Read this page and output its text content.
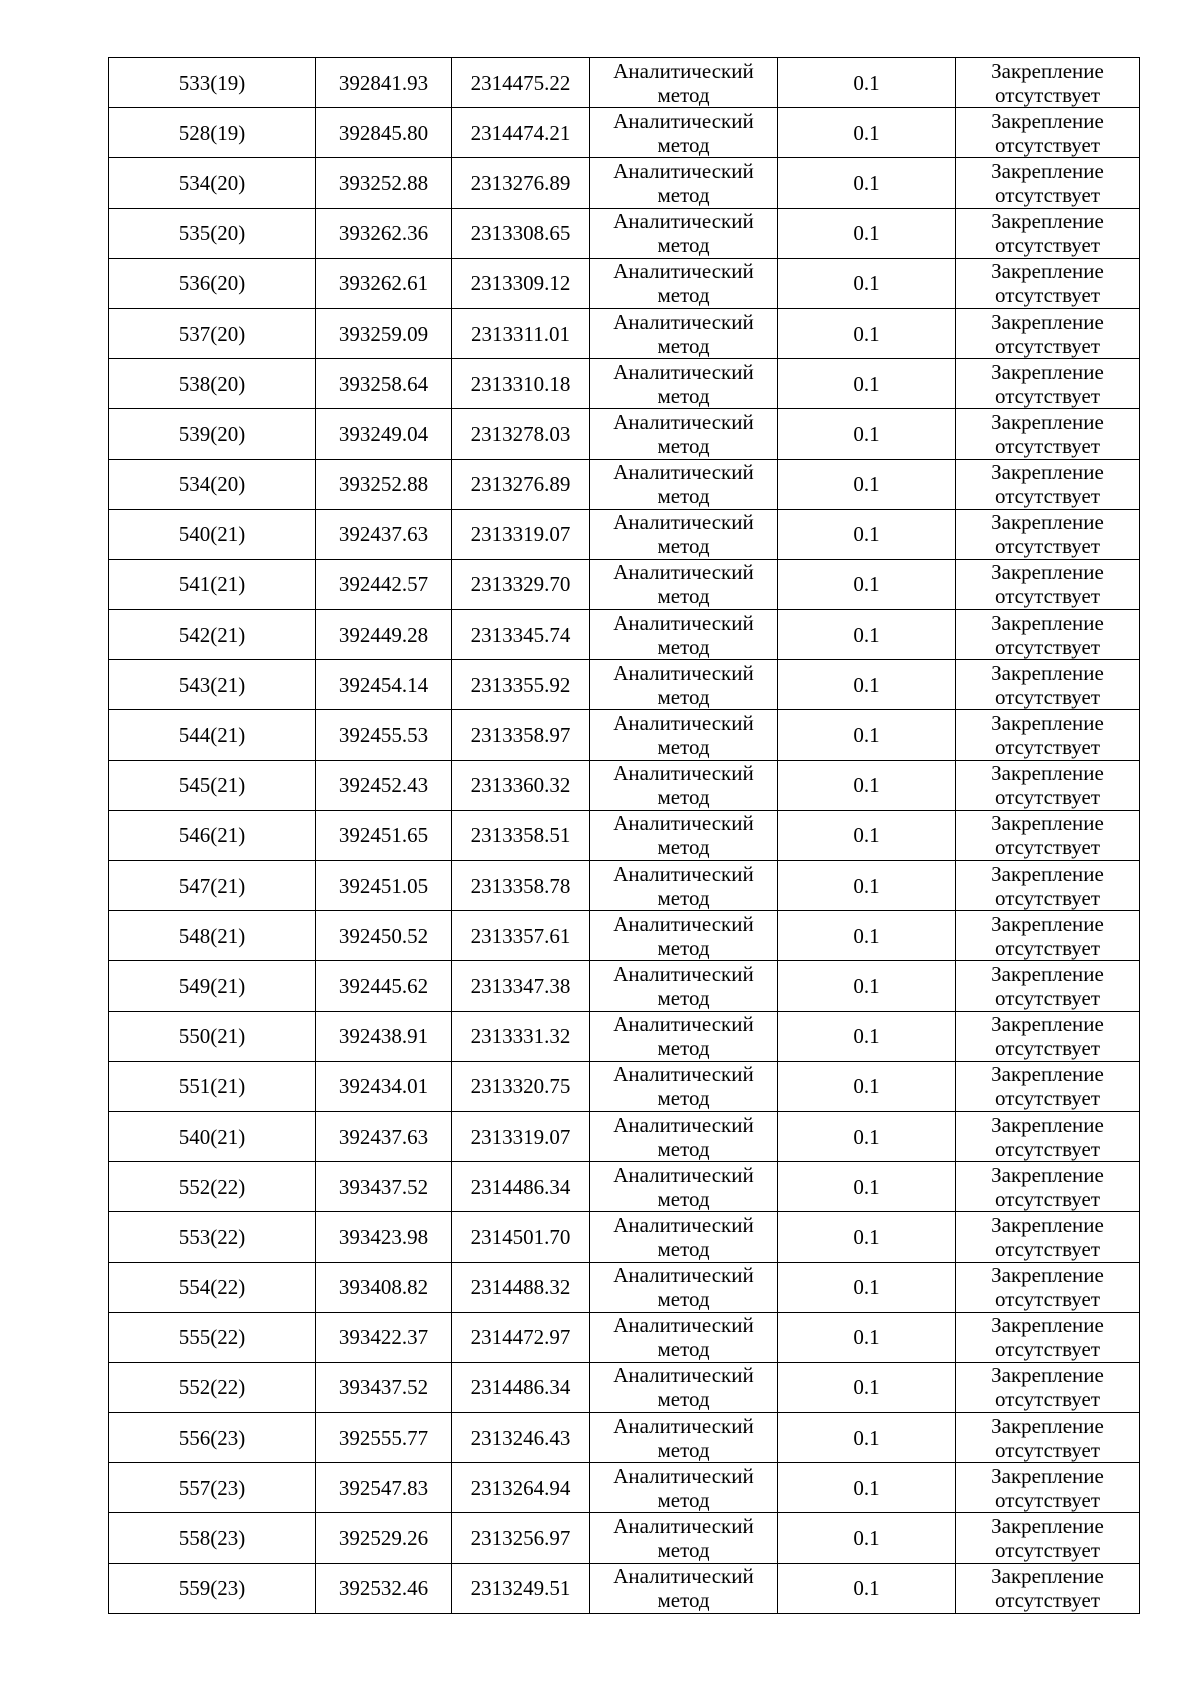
533(19)	392841.93	2314475.22	Аналитический метод	0.1	Закрепление отсутствует
528(19)	392845.80	2314474.21	Аналитический метод	0.1	Закрепление отсутствует
534(20)	393252.88	2313276.89	Аналитический метод	0.1	Закрепление отсутствует
535(20)	393262.36	2313308.65	Аналитический метод	0.1	Закрепление отсутствует
536(20)	393262.61	2313309.12	Аналитический метод	0.1	Закрепление отсутствует
537(20)	393259.09	2313311.01	Аналитический метод	0.1	Закрепление отсутствует
538(20)	393258.64	2313310.18	Аналитический метод	0.1	Закрепление отсутствует
539(20)	393249.04	2313278.03	Аналитический метод	0.1	Закрепление отсутствует
534(20)	393252.88	2313276.89	Аналитический метод	0.1	Закрепление отсутствует
540(21)	392437.63	2313319.07	Аналитический метод	0.1	Закрепление отсутствует
541(21)	392442.57	2313329.70	Аналитический метод	0.1	Закрепление отсутствует
542(21)	392449.28	2313345.74	Аналитический метод	0.1	Закрепление отсутствует
543(21)	392454.14	2313355.92	Аналитический метод	0.1	Закрепление отсутствует
544(21)	392455.53	2313358.97	Аналитический метод	0.1	Закрепление отсутствует
545(21)	392452.43	2313360.32	Аналитический метод	0.1	Закрепление отсутствует
546(21)	392451.65	2313358.51	Аналитический метод	0.1	Закрепление отсутствует
547(21)	392451.05	2313358.78	Аналитический метод	0.1	Закрепление отсутствует
548(21)	392450.52	2313357.61	Аналитический метод	0.1	Закрепление отсутствует
549(21)	392445.62	2313347.38	Аналитический метод	0.1	Закрепление отсутствует
550(21)	392438.91	2313331.32	Аналитический метод	0.1	Закрепление отсутствует
551(21)	392434.01	2313320.75	Аналитический метод	0.1	Закрепление отсутствует
540(21)	392437.63	2313319.07	Аналитический метод	0.1	Закрепление отсутствует
552(22)	393437.52	2314486.34	Аналитический метод	0.1	Закрепление отсутствует
553(22)	393423.98	2314501.70	Аналитический метод	0.1	Закрепление отсутствует
554(22)	393408.82	2314488.32	Аналитический метод	0.1	Закрепление отсутствует
555(22)	393422.37	2314472.97	Аналитический метод	0.1	Закрепление отсутствует
552(22)	393437.52	2314486.34	Аналитический метод	0.1	Закрепление отсутствует
556(23)	392555.77	2313246.43	Аналитический метод	0.1	Закрепление отсутствует
557(23)	392547.83	2313264.94	Аналитический метод	0.1	Закрепление отсутствует
558(23)	392529.26	2313256.97	Аналитический метод	0.1	Закрепление отсутствует
559(23)	392532.46	2313249.51	Аналитический метод	0.1	Закрепление отсутствует
